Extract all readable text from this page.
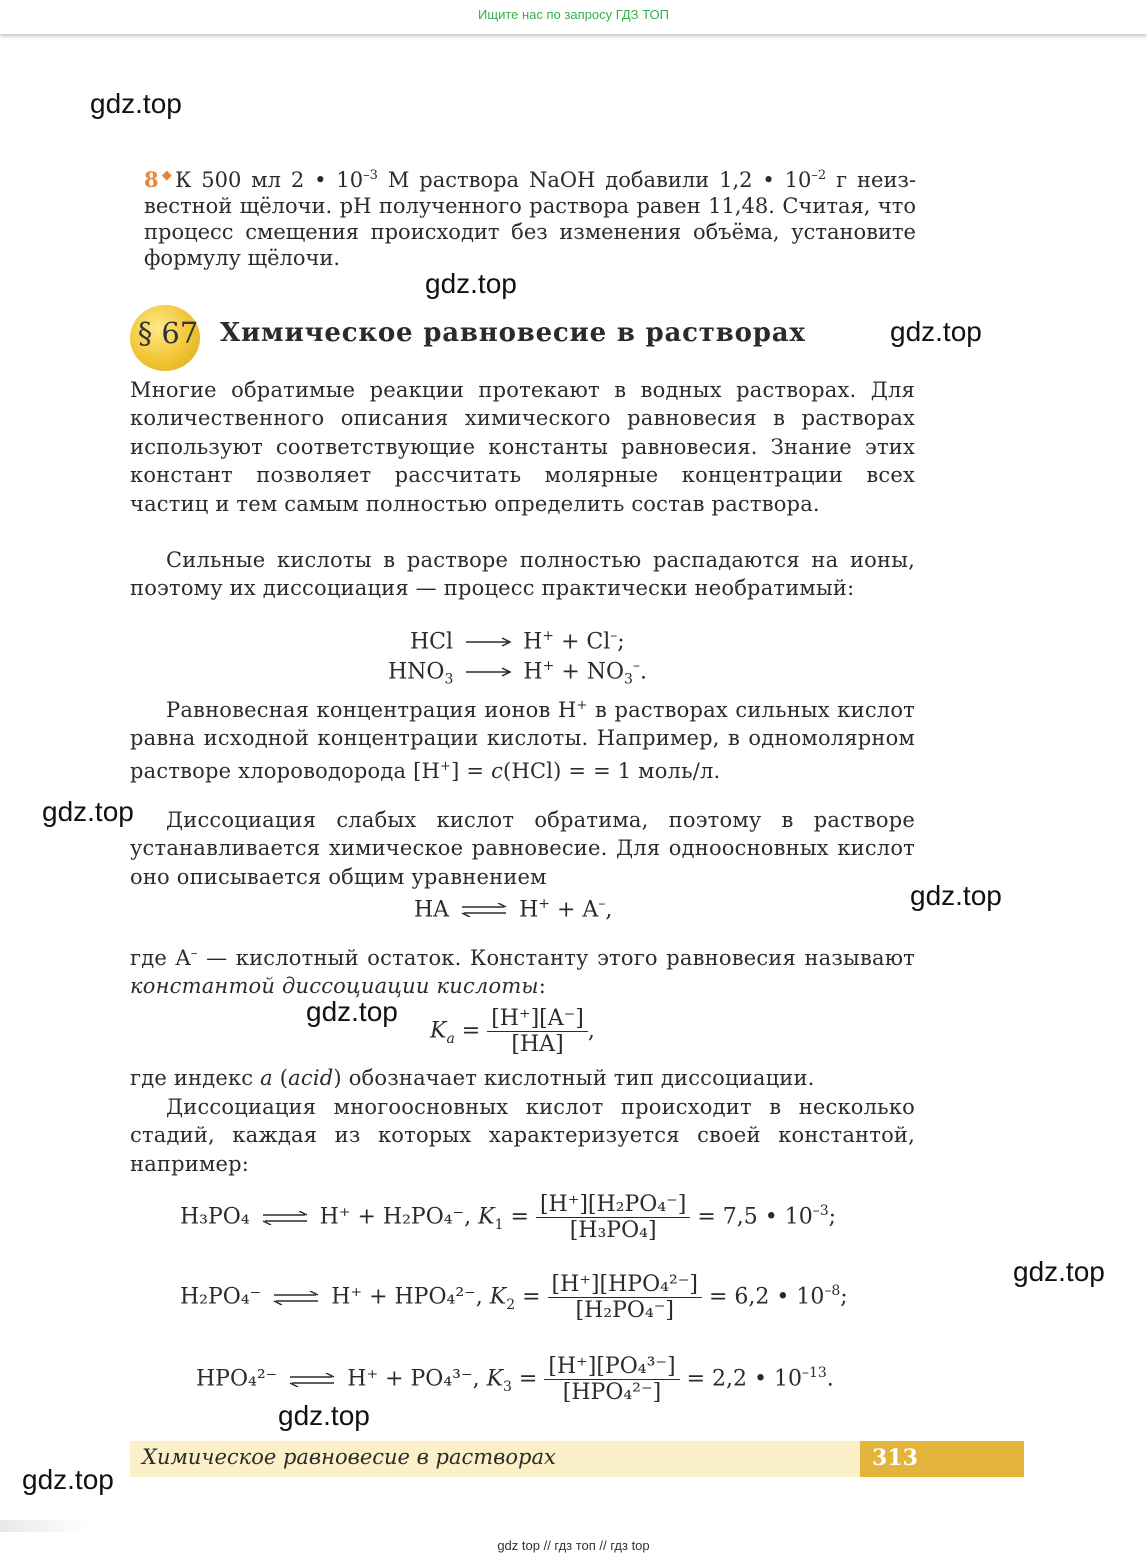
Ищите нас по запросу ГДЗ ТОП
gdz.top
gdz.top
gdz.top
gdz.top
gdz.top
gdz.top
gdz.top
gdz.top
gdz.top

8◆К 500 мл 2 • $10^{-3}$ М раствора NaOH добавили 1,2 • $10^{-2}$ г неиз- вестной щёлочи. pH полученного раствора равен 11,48. Считая, что процесс смещения происходит без изменения объёма, установите формулу щёлочи.

§ 67 Химическое равновесие в растворах

Многие обратимые реакции протекают в водных растворах. Для количественного описания химического равновесия в растворах используют соответствующие константы равновесия. Знание этих констант позволяет рассчитать молярные концентрации всех частиц и тем самым полностью определить состав раствора.

Сильные кислоты в растворе полностью распадаются на ионы, поэтому их диссоциация — процесс практически необратимый:

HCl	H+ + Cl–;
$HNO_3$	$H^+ + NO_3^-$.

Равновесная концентрация ионов H+ в растворах сильных кислот равна исходной концентрации кислоты. Например, в одномолярном растворе хлороводорода [H+] = c(HCl) = = 1 моль/л.

Диссоциация слабых кислот обратима, поэтому в растворе устанавливается химическое равновесие. Для одноосновных кислот оно описывается общим уравнением

HA ⇌ H+ + A–,

где A– — кислотный остаток. Константу этого равновесия называют константой диссоциации кислоты:

$K_a = \frac{[H^+][A^-]}{[HA]}$ ,

где индекс a (acid) обозначает кислотный тип диссоциации.

Диссоциация многоосновных кислот происходит в несколько стадий, каждая из которых характеризуется своей константой, например:

H₃PO₄ ⇌ H⁺ + H₂PO₄⁻, $K_1 = \frac{\text{[H⁺][H₂PO₄⁻]}}{\text{[H₃PO₄]}} = 7,5$ • $10^{-3}$;
H₂PO₄⁻ ⇌ H⁺ + HPO₄²⁻, $K_2 = \frac{\text{[H⁺][HPO₄²⁻]}}{\text{[H₂PO₄⁻]}} = 6,2$ • $10^{-8}$;
HPO₄²⁻ ⇌ H⁺ + PO₄³⁻, $K_3 = \frac{\text{[H⁺][PO₄³⁻]}}{\text{[HPO₄²⁻]}} = 2,2$ • $10^{-13}$.
Химическое равновесие в растворах	313
gdz top // гдз топ // гдз top
